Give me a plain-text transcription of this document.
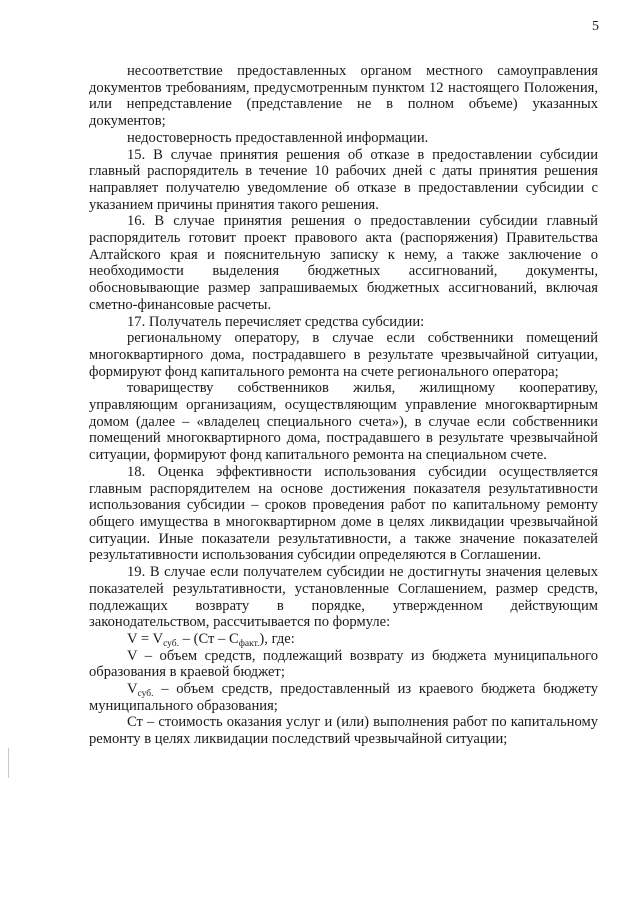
5

несоответствие предоставленных органом местного самоуправления документов требованиям, предусмотренным пунктом 12 настоящего Положения, или непредставление (представление не в полном объеме) указанных документов;

недостоверность предоставленной информации.

15. В случае принятия решения об отказе в предоставлении субсидии главный распорядитель в течение 10 рабочих дней с даты принятия решения направляет получателю уведомление об отказе в предоставлении субсидии с указанием причины принятия такого решения.

16. В случае принятия решения о предоставлении субсидии главный распорядитель готовит проект правового акта (распоряжения) Правительства Алтайского края и пояснительную записку к нему, а также заключение о необходимости выделения бюджетных ассигнований, документы, обосновывающие размер запрашиваемых бюджетных ассигнований, включая сметно-финансовые расчеты.

17. Получатель перечисляет средства субсидии:

региональному оператору, в случае если собственники помещений многоквартирного дома, пострадавшего в результате чрезвычайной ситуации, формируют фонд капитального ремонта на счете регионального оператора;

товариществу собственников жилья, жилищному кооперативу, управляющим организациям, осуществляющим управление многоквартирным домом (далее – «владелец специального счета»), в случае если собственники помещений многоквартирного дома, пострадавшего в результате чрезвычайной ситуации, формируют фонд капитального ремонта на специальном счете.

18. Оценка эффективности использования субсидии осуществляется главным распорядителем на основе достижения показателя результативности использования субсидии – сроков проведения работ по капитальному ремонту общего имущества в многоквартирном доме в целях ликвидации чрезвычайной ситуации. Иные показатели результативности, а также значение показателей результативности использования субсидии определяются в Соглашении.

19. В случае если получателем субсидии не достигнуты значения целевых показателей результативности, установленные Соглашением, размер средств, подлежащих возврату в порядке, утвержденном действующим законодательством, рассчитывается по формуле:

$V = V_{суб.} - (Ст - С_{факт.})$, где:

V – объем средств, подлежащий возврату из бюджета муниципального образования в краевой бюджет;

$V_{суб.}$ – объем средств, предоставленный из краевого бюджета бюджету муниципального образования;

Ст – стоимость оказания услуг и (или) выполнения работ по капитальному ремонту в целях ликвидации последствий чрезвычайной ситуации;
